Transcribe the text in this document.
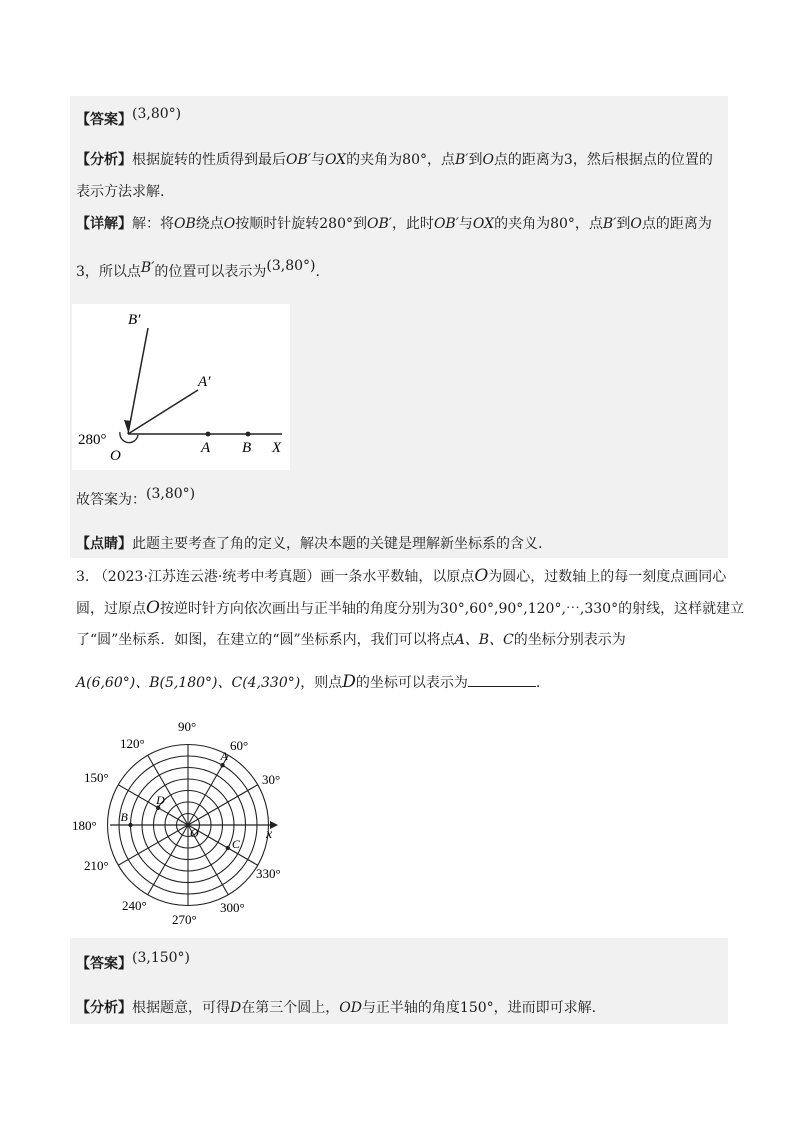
【答案】(3,80°)
【分析】根据旋转的性质得到最后OB′与OX的夹角为80°，点B′到O点的距离为3，然后根据点的位置的
表示方法求解.
【详解】解：将OB绕点O按顺时针旋转280°到OB′，此时OB′与OX的夹角为80°，点B′到O点的距离为
3，所以点B′的位置可以表示为(3,80°).
B′
A′
280°
O	A B X
故答案为：(3,80°)
【点睛】此题主要考查了角的定义，解决本题的关键是理解新坐标系的含义.
3. （2023·江苏连云港·统考中考真题）画一条水平数轴，以原点O为圆心，过数轴上的每一刻度点画同心
圆，过原点O按逆时针方向依次画出与正半轴的角度分别为30°,60°,90°,120°,⋯,330°的射线，这样就建立
了“圆”坐标系．如图，在建立的“圆”坐标系内，我们可以将点A、B、C的坐标分别表示为
A(6,60°)、B(5,180°)、C(4,330°)，则点D的坐标可以表示为	.
90°
60°
30°
120°
150°
180°
210°
240°
270°
300°
330°
A
B
C
D
O	x
【答案】(3,150°)
【分析】根据题意，可得D在第三个圆上，OD与正半轴的角度150°，进而即可求解.
